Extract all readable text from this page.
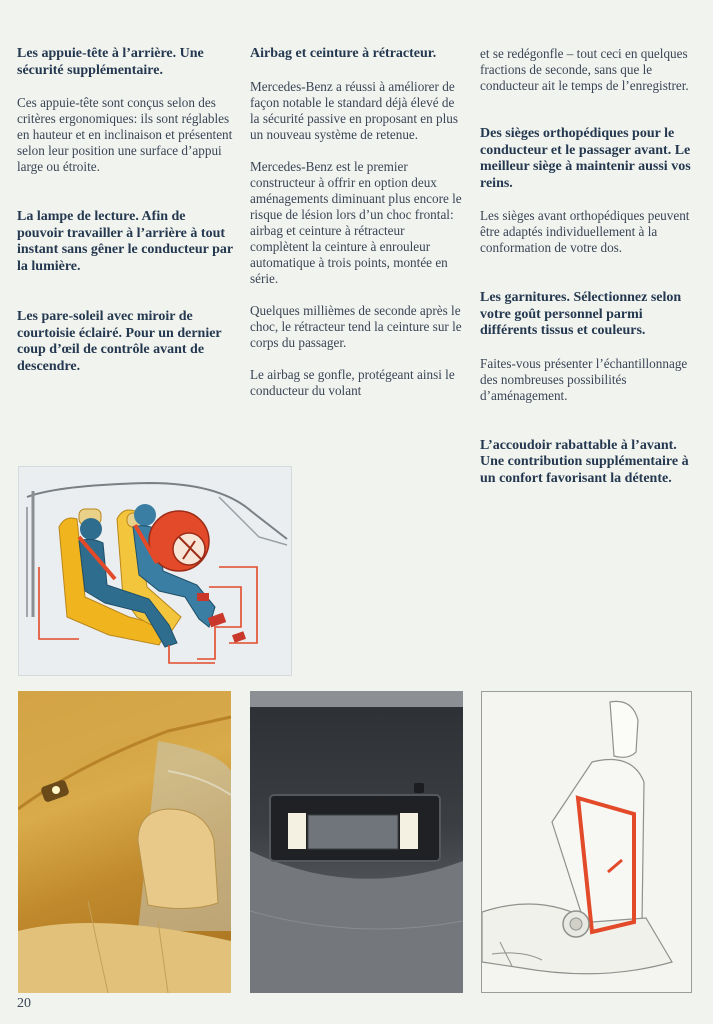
Les appuie-tête à l’arrière. Une sécurité supplémentaire.

Ces appuie-tête sont conçus selon des critères ergonomiques: ils sont réglables en hauteur et en inclinaison et présentent selon leur position une surface d’appui large ou étroite.

La lampe de lecture. Afin de pouvoir travailler à l’arrière à tout instant sans gêner le conducteur par la lumière.
Les pare-soleil avec miroir de courtoisie éclairé. Pour un dernier coup d’œil de contrôle avant de descendre.
Airbag et ceinture à rétracteur.

Mercedes-Benz a réussi à améliorer de façon notable le standard déjà élevé de la sécurité passive en proposant en plus un nouveau système de retenue.

Mercedes-Benz est le premier constructeur à offrir en option deux aménagements diminuant plus encore le risque de lésion lors d’un choc frontal: airbag et ceinture à rétracteur complètent la ceinture à enrouleur automatique à trois points, montée en série.

Quelques millièmes de seconde après le choc, le rétracteur tend la ceinture sur le corps du passager.

Le airbag se gonfle, protégeant ainsi le conducteur du volant

et se redégonfle – tout ceci en quelques fractions de seconde, sans que le conducteur ait le temps de l’enregistrer.

Des sièges orthopédiques pour le conducteur et le passager avant. Le meilleur siège à maintenir aussi vos reins.

Les sièges avant orthopédiques peuvent être adaptés individuellement à la conformation de votre dos.

Les garnitures. Sélectionnez selon votre goût personnel parmi différents tissus et couleurs.

Faites-vous présenter l’échantillonnage des nombreuses possibilités d’aménagement.

L’accoudoir rabattable à l’avant. Une contribution supplémentaire à un confort favorisant la détente.
20
